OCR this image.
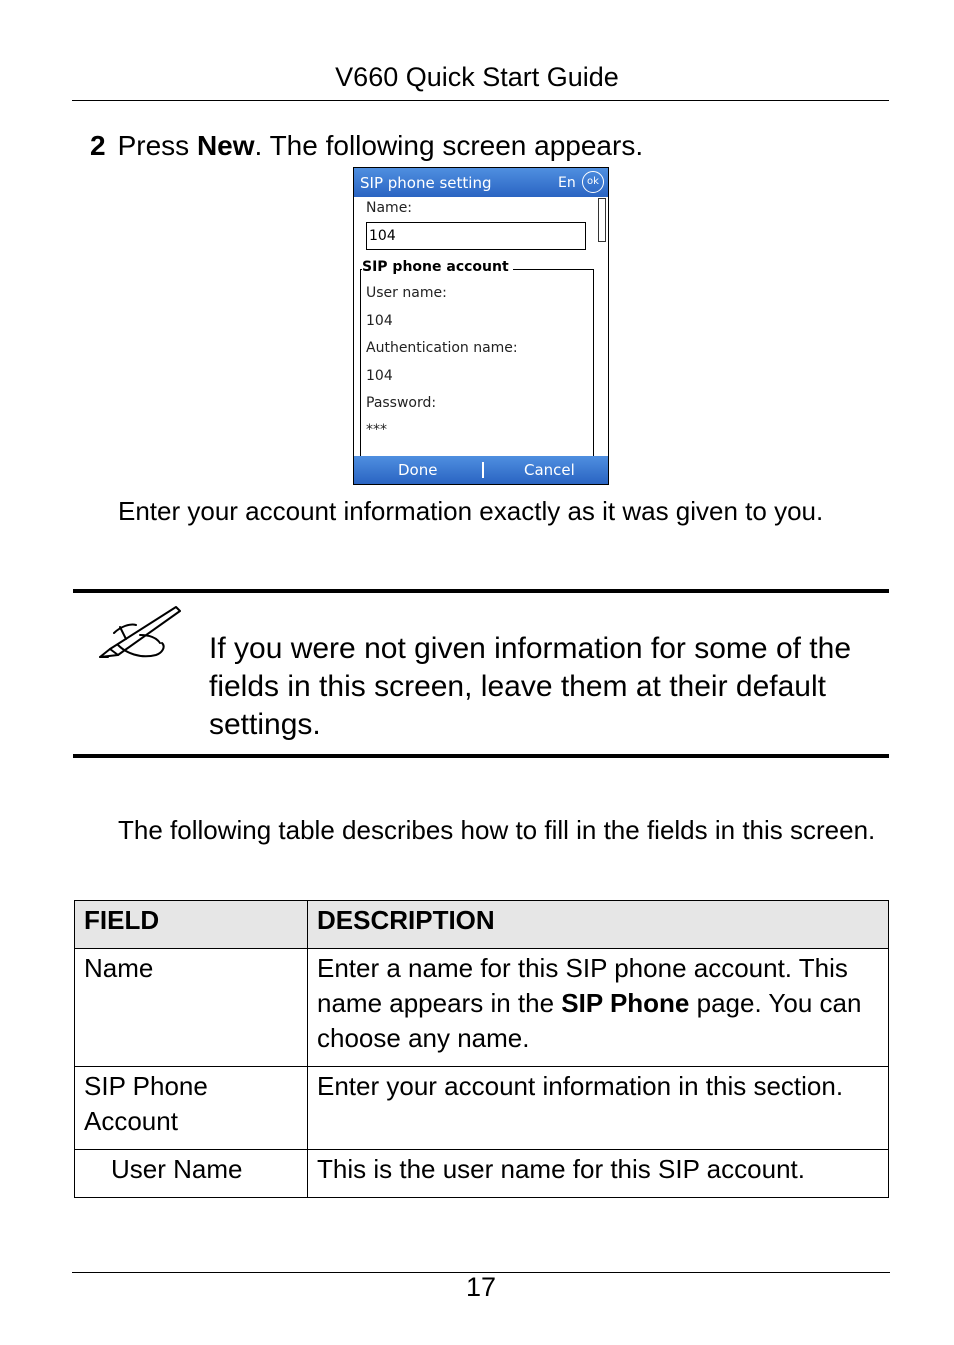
V660 Quick Start Guide
2 Press New. The following screen appears.
SIP phone setting	En	ok
Name:
104
SIP phone account
User name:
104
Authentication name:
104
Password:
***
Done	Cancel
Enter your account information exactly as it was given to you.
If you were not given information for some of the fields in this screen, leave them at their default settings.
The following table describes how to fill in the fields in this screen.
FIELD	DESCRIPTION
Name	Enter a name for this SIP phone account. This name appears in the SIP Phone page. You can choose any name.
SIP Phone Account	Enter your account information in this section.
User Name	This is the user name for this SIP account.
17
